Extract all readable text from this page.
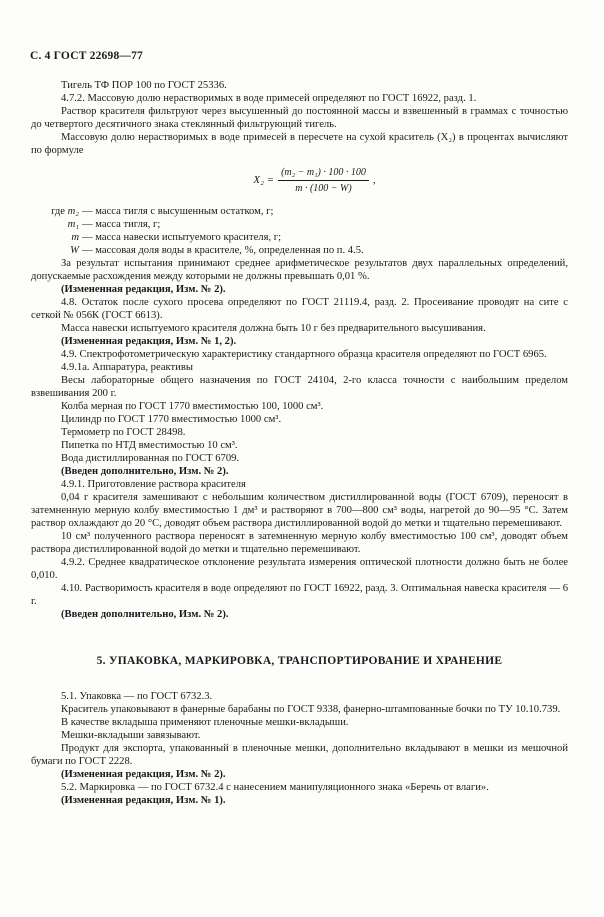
С. 4 ГОСТ 22698—77

Тигель ТФ ПОР 100 по ГОСТ 25336.

4.7.2. Массовую долю нерастворимых в воде примесей определяют по ГОСТ 16922, разд. 1.

Раствор красителя фильтруют через высушенный до постоянной массы и взвешенный в граммах с точностью до четвертого десятичного знака стеклянный фильтрующий тигель.

Массовую долю нерастворимых в воде примесей в пересчете на сухой краситель (X₂) в процентах вычисляют по формуле

$X_2 = \frac{\text{(m₂ − m₁) · 100 · 100}}{m \cdot (100 - W)}$ ,
где m₂ — масса тигля с высушенным остатком, г;
m₁ — масса тигля, г;
m — масса навески испытуемого красителя, г;
W — массовая доля воды в красителе, %, определенная по п. 4.5.

За результат испытания принимают среднее арифметическое результатов двух параллельных определений, допускаемые расхождения между которыми не должны превышать 0,01 %.

(Измененная редакция, Изм. № 2).

4.8. Остаток после сухого просева определяют по ГОСТ 21119.4, разд. 2. Просеивание проводят на сите с сеткой № 056К (ГОСТ 6613).

Масса навески испытуемого красителя должна быть 10 г без предварительного высушивания.

(Измененная редакция, Изм. № 1, 2).

4.9. Спектрофотометрическую характеристику стандартного образца красителя определяют по ГОСТ 6965.

4.9.1а. Аппаратура, реактивы

Весы лабораторные общего назначения по ГОСТ 24104, 2-го класса точности с наибольшим пределом взвешивания 200 г.

Колба мерная по ГОСТ 1770 вместимостью 100, 1000 см³.

Цилиндр по ГОСТ 1770 вместимостью 1000 см³.

Термометр по ГОСТ 28498.

Пипетка по НТД вместимостью 10 см³.

Вода дистиллированная по ГОСТ 6709.

(Введен дополнительно, Изм. № 2).

4.9.1. Приготовление раствора красителя

0,04 г красителя замешивают с небольшим количеством дистиллированной воды (ГОСТ 6709), переносят в затемненную мерную колбу вместимостью 1 дм³ и растворяют в 700—800 см³ воды, нагретой до 90—95 °С. Затем раствор охлаждают до 20 °С, доводят объем раствора дистиллированной водой до метки и тщательно перемешивают.

10 см³ полученного раствора переносят в затемненную мерную колбу вместимостью 100 см³, доводят объем раствора дистиллированной водой до метки и тщательно перемешивают.

4.9.2. Среднее квадратическое отклонение результата измерения оптической плотности должно быть не более 0,010.

4.10. Растворимость красителя в воде определяют по ГОСТ 16922, разд. 3. Оптимальная навеска красителя — 6 г.

(Введен дополнительно, Изм. № 2).

5. УПАКОВКА, МАРКИРОВКА, ТРАНСПОРТИРОВАНИЕ И ХРАНЕНИЕ

5.1. Упаковка — по ГОСТ 6732.3.

Краситель упаковывают в фанерные барабаны по ГОСТ 9338, фанерно-штампованные бочки по ТУ 10.10.739.

В качестве вкладыша применяют пленочные мешки-вкладыши.

Мешки-вкладыши завязывают.

Продукт для экспорта, упакованный в пленочные мешки, дополнительно вкладывают в мешки из мешочной бумаги по ГОСТ 2228.

(Измененная редакция, Изм. № 2).

5.2. Маркировка — по ГОСТ 6732.4 с нанесением манипуляционного знака «Беречь от влаги».

(Измененная редакция, Изм. № 1).
